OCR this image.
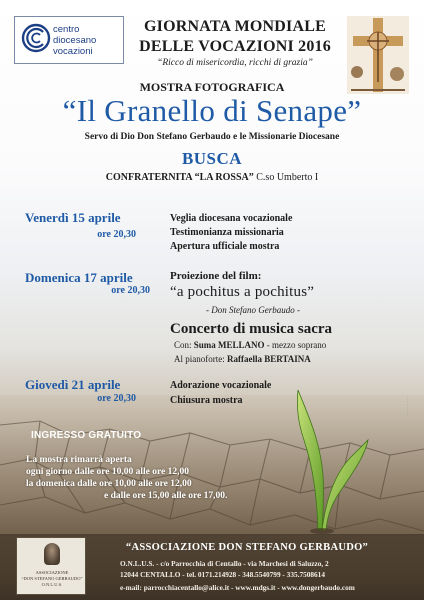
centro
diocesano
vocazioni
GIORNATA MONDIALE
DELLE VOCAZIONI 2016
“Ricco di misericordia, ricchi di grazia”
MOSTRA FOTOGRAFICA
“Il Granello di Senape”
Servo di Dio Don Stefano Gerbaudo e le Missionarie Diocesane
BUSCA
CONFRATERNITA “LA ROSSA” C.so Umberto I
Venerdì 15 aprile
ore 20,30
Veglia diocesana vocazionale
Testimonianza missionaria
Apertura ufficiale mostra
Domenica 17 aprile
ore 20,30
Proiezione del film:
“a pochitus a pochitus”
- Don Stefano Gerbaudo -
Concerto di musica sacra
Con: Suma MELLANO - mezzo soprano
Al pianoforte: Raffaella BERTAINA
Giovedì 21 aprile
ore 20,30
Adorazione vocazionale
Chiusura mostra
INGRESSO GRATUITO
La mostra rimarrà aperta
ogni giorno dalle ore 10,00 alle ore 12,00
la domenica dalle ore 10,00 alle ore 12,00
e dalle ore 15,00 alle ore 17,00.
· · · · · ·
ASSOCIAZIONE
“DON STEFANO GERBAUDO”
O.N.L.U.S.
“ASSOCIAZIONE DON STEFANO GERBAUDO”
O.N.L.U.S. - c/o Parrocchia di Centallo - via Marchesi di Saluzzo, 2
12044 CENTALLO - tel. 0171.214928 - 348.5540799 - 335.7508614
e-mail: parrocchiacentallo@alice.it - www.mdgs.it - www.dongerbaudo.com
